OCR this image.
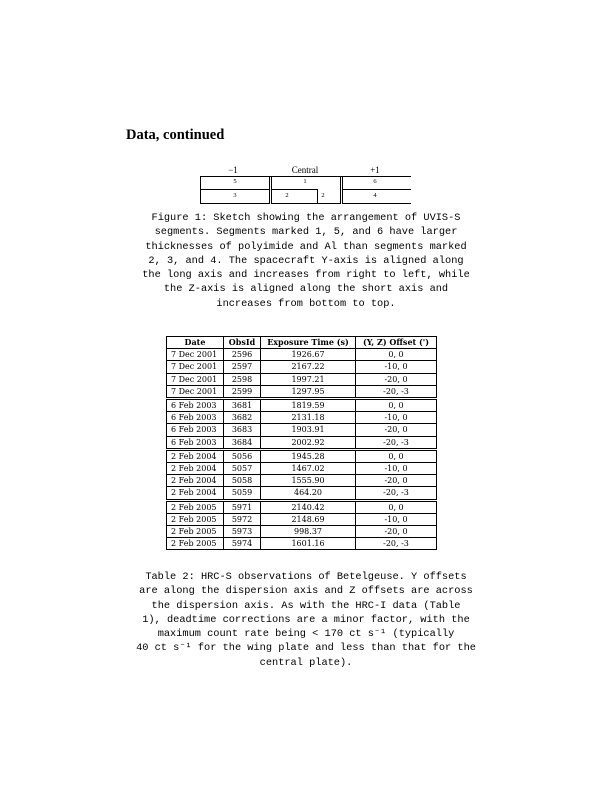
Data, continued
−1	Central	+1
5	1	6
3	2	2	4
Figure 1: Sketch showing the arrangement of UVIS-S
segments. Segments marked 1, 5, and 6 have larger
thicknesses of polyimide and Al than segments marked
2, 3, and 4. The spacecraft Y-axis is aligned along
the long axis and increases from right to left, while
the Z-axis is aligned along the short axis and
increases from bottom to top.
Date	ObsId	Exposure Time (s)	(Y, Z) Offset (')
7 Dec 2001	2596	1926.67	0, 0
7 Dec 2001	2597	2167.22	-10, 0
7 Dec 2001	2598	1997.21	-20, 0
7 Dec 2001	2599	1297.95	-20, -3
6 Feb 2003	3681	1819.59	0, 0
6 Feb 2003	3682	2131.18	-10, 0
6 Feb 2003	3683	1903.91	-20, 0
6 Feb 2003	3684	2002.92	-20, -3
2 Feb 2004	5056	1945.28	0, 0
2 Feb 2004	5057	1467.02	-10, 0
2 Feb 2004	5058	1555.90	-20, 0
2 Feb 2004	5059	464.20	-20, -3
2 Feb 2005	5971	2140.42	0, 0
2 Feb 2005	5972	2148.69	-10, 0
2 Feb 2005	5973	998.37	-20, 0
2 Feb 2005	5974	1601.16	-20, -3
Table 2: HRC-S observations of Betelgeuse. Y offsets
are along the dispersion axis and Z offsets are across
the dispersion axis. As with the HRC-I data (Table
1), deadtime corrections are a minor factor, with the
maximum count rate being < 170 ct s⁻¹ (typically
40 ct s⁻¹ for the wing plate and less than that for the
central plate).
